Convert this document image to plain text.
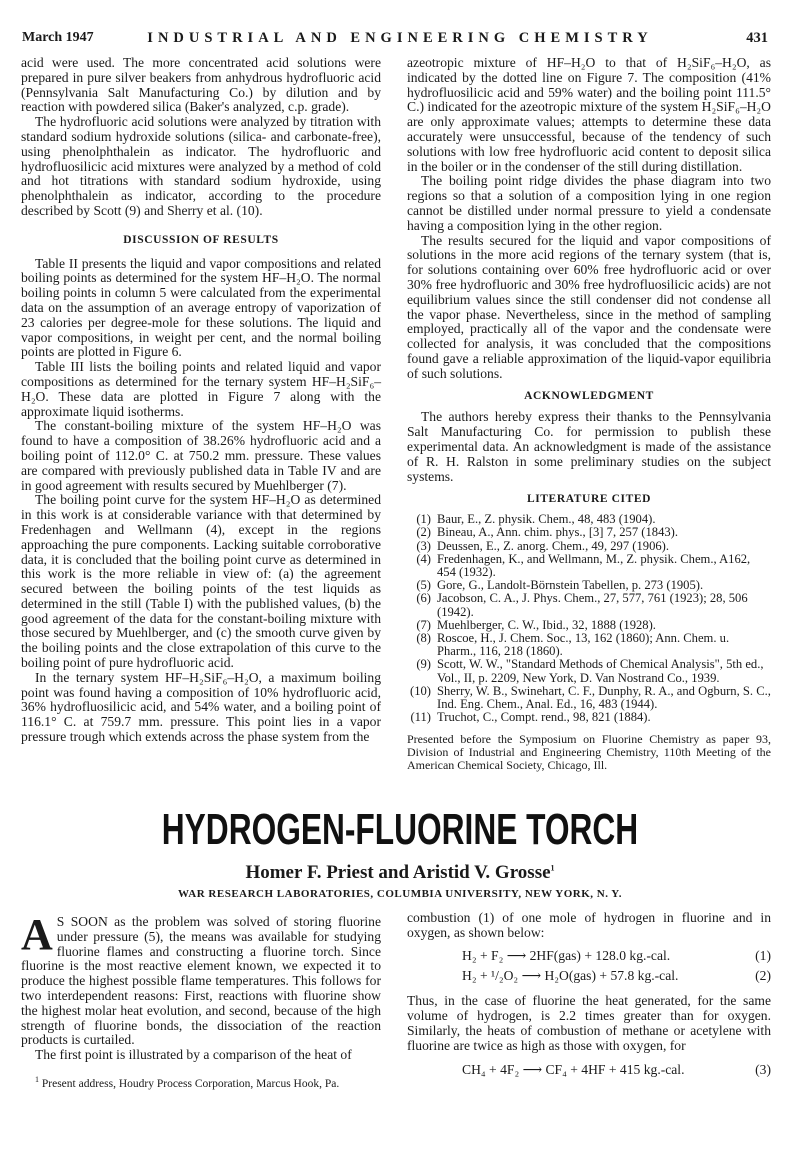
March 1947	INDUSTRIAL AND ENGINEERING CHEMISTRY	431

acid were used. The more concentrated acid solutions were prepared in pure silver beakers from anhydrous hydrofluoric acid (Pennsylvania Salt Manufacturing Co.) by dilution and by reaction with powdered silica (Baker's analyzed, c.p. grade).

The hydrofluoric acid solutions were analyzed by titration with standard sodium hydroxide solutions (silica- and carbonate-free), using phenolphthalein as indicator. The hydrofluoric and hydrofluosilicic acid mixtures were analyzed by a method of cold and hot titrations with standard sodium hydroxide, using phenolphthalein as indicator, according to the procedure described by Scott (9) and Sherry et al. (10).

DISCUSSION OF RESULTS

Table II presents the liquid and vapor compositions and related boiling points as determined for the system HF–H₂O. The normal boiling points in column 5 were calculated from the experimental data on the assumption of an average entropy of vaporization of 23 calories per degree-mole for these solutions. The liquid and vapor compositions, in weight per cent, and the normal boiling points are plotted in Figure 6.

Table III lists the boiling points and related liquid and vapor compositions as determined for the ternary system HF–H₂SiF₆–H₂O. These data are plotted in Figure 7 along with the approximate liquid isotherms.

The constant-boiling mixture of the system HF–H₂O was found to have a composition of 38.26% hydrofluoric acid and a boiling point of 112.0° C. at 750.2 mm. pressure. These values are compared with previously published data in Table IV and are in good agreement with results secured by Muehlberger (7).

The boiling point curve for the system HF–H₂O as determined in this work is at considerable variance with that determined by Fredenhagen and Wellmann (4), except in the regions approaching the pure components. Lacking suitable corroborative data, it is concluded that the boiling point curve as determined in this work is the more reliable in view of: (a) the agreement secured between the boiling points of the test liquids as determined in the still (Table I) with the published values, (b) the good agreement of the data for the constant-boiling mixture with those secured by Muehlberger, and (c) the smooth curve given by the boiling points and the close extrapolation of this curve to the boiling point of pure hydrofluoric acid.

In the ternary system HF–H₂SiF₆–H₂O, a maximum boiling point was found having a composition of 10% hydrofluoric acid, 36% hydrofluosilicic acid, and 54% water, and a boiling point of 116.1° C. at 759.7 mm. pressure. This point lies in a vapor pressure trough which extends across the phase system from the

azeotropic mixture of HF–H₂O to that of H₂SiF₆–H₂O, as indicated by the dotted line on Figure 7. The composition (41% hydrofluosilicic acid and 59% water) and the boiling point 111.5° C.) indicated for the azeotropic mixture of the system H₂SiF₆–H₂O are only approximate values; attempts to determine these data accurately were unsuccessful, because of the tendency of such solutions with low free hydrofluoric acid content to deposit silica in the boiler or in the condenser of the still during distillation.

The boiling point ridge divides the phase diagram into two regions so that a solution of a composition lying in one region cannot be distilled under normal pressure to yield a condensate having a composition lying in the other region.

The results secured for the liquid and vapor compositions of solutions in the more acid regions of the ternary system (that is, for solutions containing over 60% free hydrofluoric acid or over 30% free hydrofluoric and 30% free hydrofluosilicic acids) are not equilibrium values since the still condenser did not condense all the vapor phase. Nevertheless, since in the method of sampling employed, practically all of the vapor and the condensate were collected for analysis, it was concluded that the compositions found gave a reliable approximation of the liquid-vapor equilibria of such solutions.

ACKNOWLEDGMENT

The authors hereby express their thanks to the Pennsylvania Salt Manufacturing Co. for permission to publish these experimental data. An acknowledgment is made of the assistance of R. H. Ralston in some preliminary studies on the subject systems.

LITERATURE CITED
(1) Baur, E., Z. physik. Chem., 48, 483 (1904).
(2) Bineau, A., Ann. chim. phys., [3] 7, 257 (1843).
(3) Deussen, E., Z. anorg. Chem., 49, 297 (1906).
(4) Fredenhagen, K., and Wellmann, M., Z. physik. Chem., A162, 454 (1932).
(5) Gore, G., Landolt-Börnstein Tabellen, p. 273 (1905).
(6) Jacobson, C. A., J. Phys. Chem., 27, 577, 761 (1923); 28, 506 (1942).
(7) Muehlberger, C. W., Ibid., 32, 1888 (1928).
(8) Roscoe, H., J. Chem. Soc., 13, 162 (1860); Ann. Chem. u. Pharm., 116, 218 (1860).
(9) Scott, W. W., "Standard Methods of Chemical Analysis", 5th ed., Vol., II, p. 2209, New York, D. Van Nostrand Co., 1939.
(10) Sherry, W. B., Swinehart, C. F., Dunphy, R. A., and Ogburn, S. C., Ind. Eng. Chem., Anal. Ed., 16, 483 (1944).
(11) Truchot, C., Compt. rend., 98, 821 (1884).

Presented before the Symposium on Fluorine Chemistry as paper 93, Division of Industrial and Engineering Chemistry, 110th Meeting of the American Chemical Society, Chicago, Ill.

HYDROGEN-FLUORINE TORCH
Homer F. Priest and Aristid V. Grosse$^1$
WAR RESEARCH LABORATORIES, COLUMBIA UNIVERSITY, NEW YORK, N. Y.

A S SOON as the problem was solved of storing fluorine under pressure (5), the means was available for studying fluorine flames and constructing a fluorine torch. Since fluorine is the most reactive element known, we expected it to produce the highest possible flame temperatures. This follows for two interdependent reasons: First, reactions with fluorine show the highest molar heat evolution, and second, because of the high strength of fluorine bonds, the dissociation of the reaction products is curtailed.

The first point is illustrated by a comparison of the heat of

$^1$ Present address, Houdry Process Corporation, Marcus Hook, Pa.

combustion (1) of one mole of hydrogen in fluorine and in oxygen, as shown below:

H₂ + F₂ ⟶ 2HF(gas) + 128.0 kg.-cal.	(1)
H₂ + ¹/₂O₂ ⟶ H₂O(gas) + 57.8 kg.-cal.	(2)

Thus, in the case of fluorine the heat generated, for the same volume of hydrogen, is 2.2 times greater than for oxygen. Similarly, the heats of combustion of methane or acetylene with fluorine are twice as high as those with oxygen, for

CH₄ + 4F₂ ⟶ CF₄ + 4HF + 415 kg.-cal.	(3)
